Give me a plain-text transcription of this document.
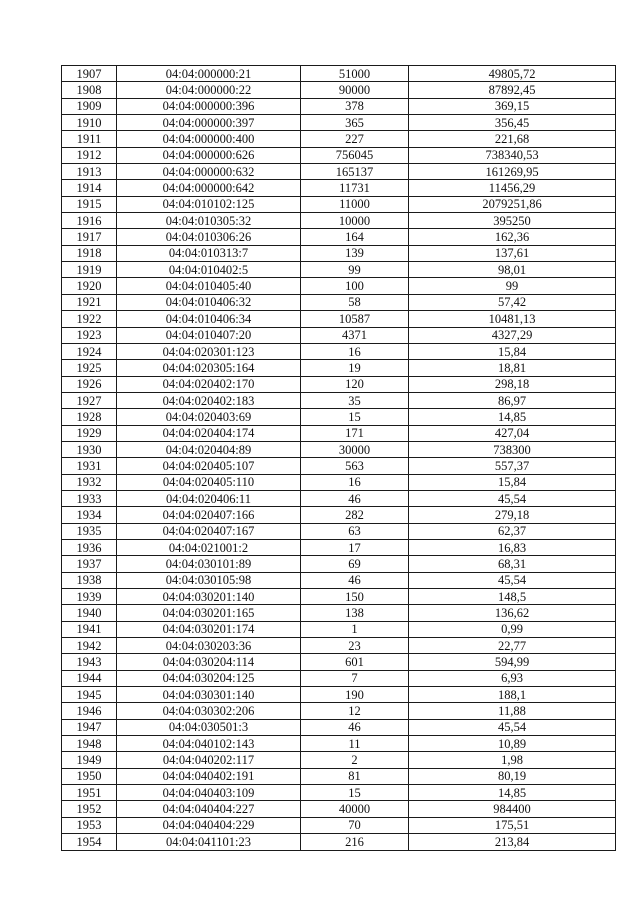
1907	04:04:000000:21	51000	49805,72
1908	04:04:000000:22	90000	87892,45
1909	04:04:000000:396	378	369,15
1910	04:04:000000:397	365	356,45
1911	04:04:000000:400	227	221,68
1912	04:04:000000:626	756045	738340,53
1913	04:04:000000:632	165137	161269,95
1914	04:04:000000:642	11731	11456,29
1915	04:04:010102:125	11000	2079251,86
1916	04:04:010305:32	10000	395250
1917	04:04:010306:26	164	162,36
1918	04:04:010313:7	139	137,61
1919	04:04:010402:5	99	98,01
1920	04:04:010405:40	100	99
1921	04:04:010406:32	58	57,42
1922	04:04:010406:34	10587	10481,13
1923	04:04:010407:20	4371	4327,29
1924	04:04:020301:123	16	15,84
1925	04:04:020305:164	19	18,81
1926	04:04:020402:170	120	298,18
1927	04:04:020402:183	35	86,97
1928	04:04:020403:69	15	14,85
1929	04:04:020404:174	171	427,04
1930	04:04:020404:89	30000	738300
1931	04:04:020405:107	563	557,37
1932	04:04:020405:110	16	15,84
1933	04:04:020406:11	46	45,54
1934	04:04:020407:166	282	279,18
1935	04:04:020407:167	63	62,37
1936	04:04:021001:2	17	16,83
1937	04:04:030101:89	69	68,31
1938	04:04:030105:98	46	45,54
1939	04:04:030201:140	150	148,5
1940	04:04:030201:165	138	136,62
1941	04:04:030201:174	1	0,99
1942	04:04:030203:36	23	22,77
1943	04:04:030204:114	601	594,99
1944	04:04:030204:125	7	6,93
1945	04:04:030301:140	190	188,1
1946	04:04:030302:206	12	11,88
1947	04:04:030501:3	46	45,54
1948	04:04:040102:143	11	10,89
1949	04:04:040202:117	2	1,98
1950	04:04:040402:191	81	80,19
1951	04:04:040403:109	15	14,85
1952	04:04:040404:227	40000	984400
1953	04:04:040404:229	70	175,51
1954	04:04:041101:23	216	213,84
